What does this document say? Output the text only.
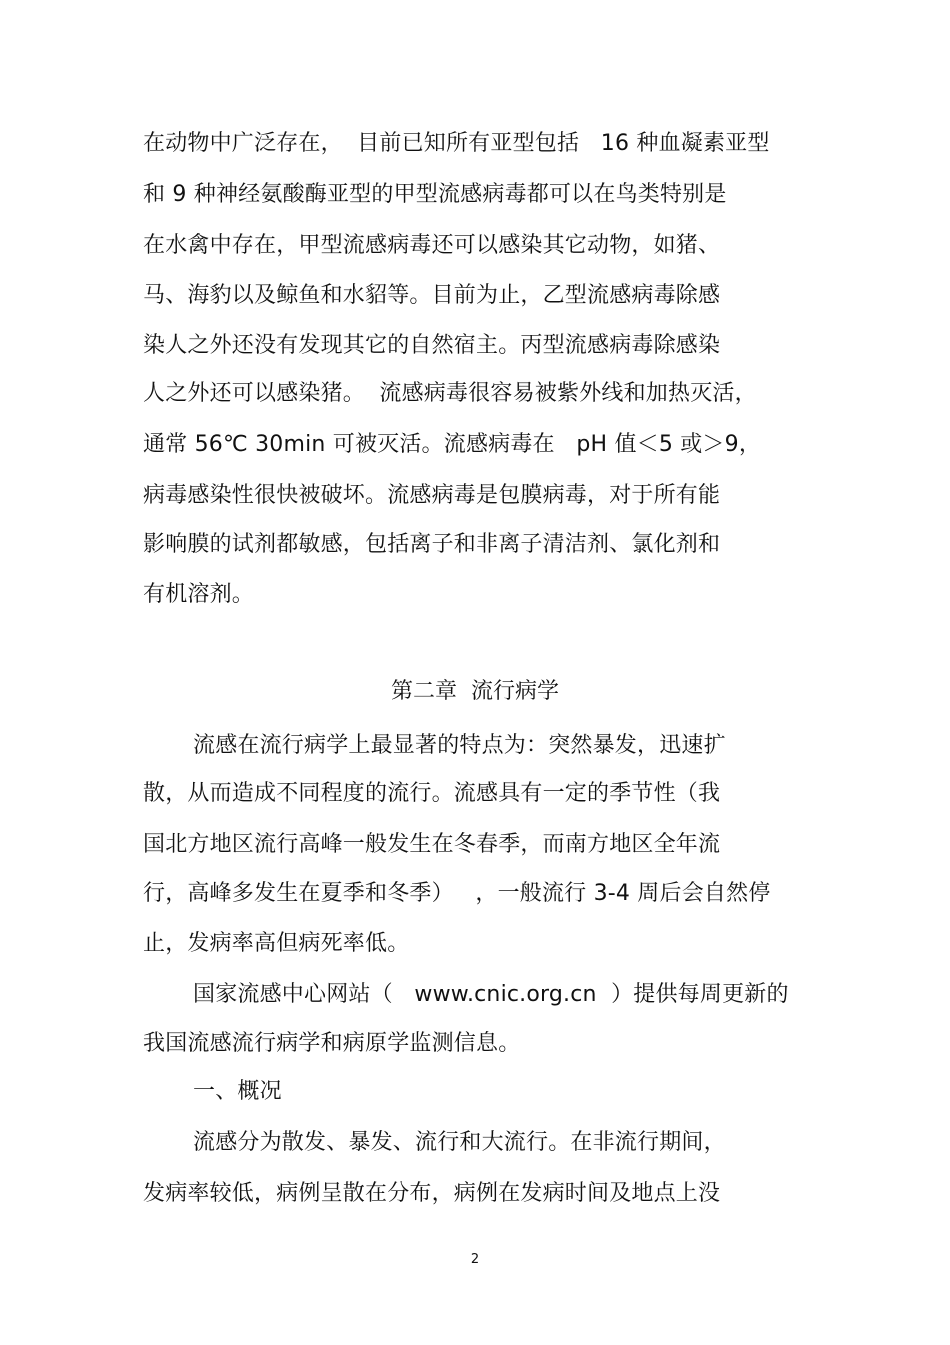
在动物中广泛存在，  目前已知所有亚型包括   16 种血凝素亚型
和 9 种神经氨酸酶亚型的甲型流感病毒都可以在鸟类特别是
在水禽中存在，甲型流感病毒还可以感染其它动物，如猪、
马、海豹以及鲸鱼和水貂等。目前为止，乙型流感病毒除感
染人之外还没有发现其它的自然宿主。丙型流感病毒除感染
人之外还可以感染猪。  流感病毒很容易被紫外线和加热灭活，
通常 56℃ 30min 可被灭活。流感病毒在   pH 值＜5 或＞9，
病毒感染性很快被破坏。流感病毒是包膜病毒，对于所有能
影响膜的试剂都敏感，包括离子和非离子清洁剂、氯化剂和
有机溶剂。
第二章  流行病学
流感在流行病学上最显著的特点为：突然暴发，迅速扩
散，从而造成不同程度的流行。流感具有一定的季节性（我
国北方地区流行高峰一般发生在冬春季，而南方地区全年流
行，高峰多发生在夏季和冬季）   ，一般流行 3-4 周后会自然停
止，发病率高但病死率低。
国家流感中心网站（   www.cnic.org.cn  ）提供每周更新的
我国流感流行病学和病原学监测信息。
一、概况
流感分为散发、暴发、流行和大流行。在非流行期间，
发病率较低，病例呈散在分布，病例在发病时间及地点上没
2
